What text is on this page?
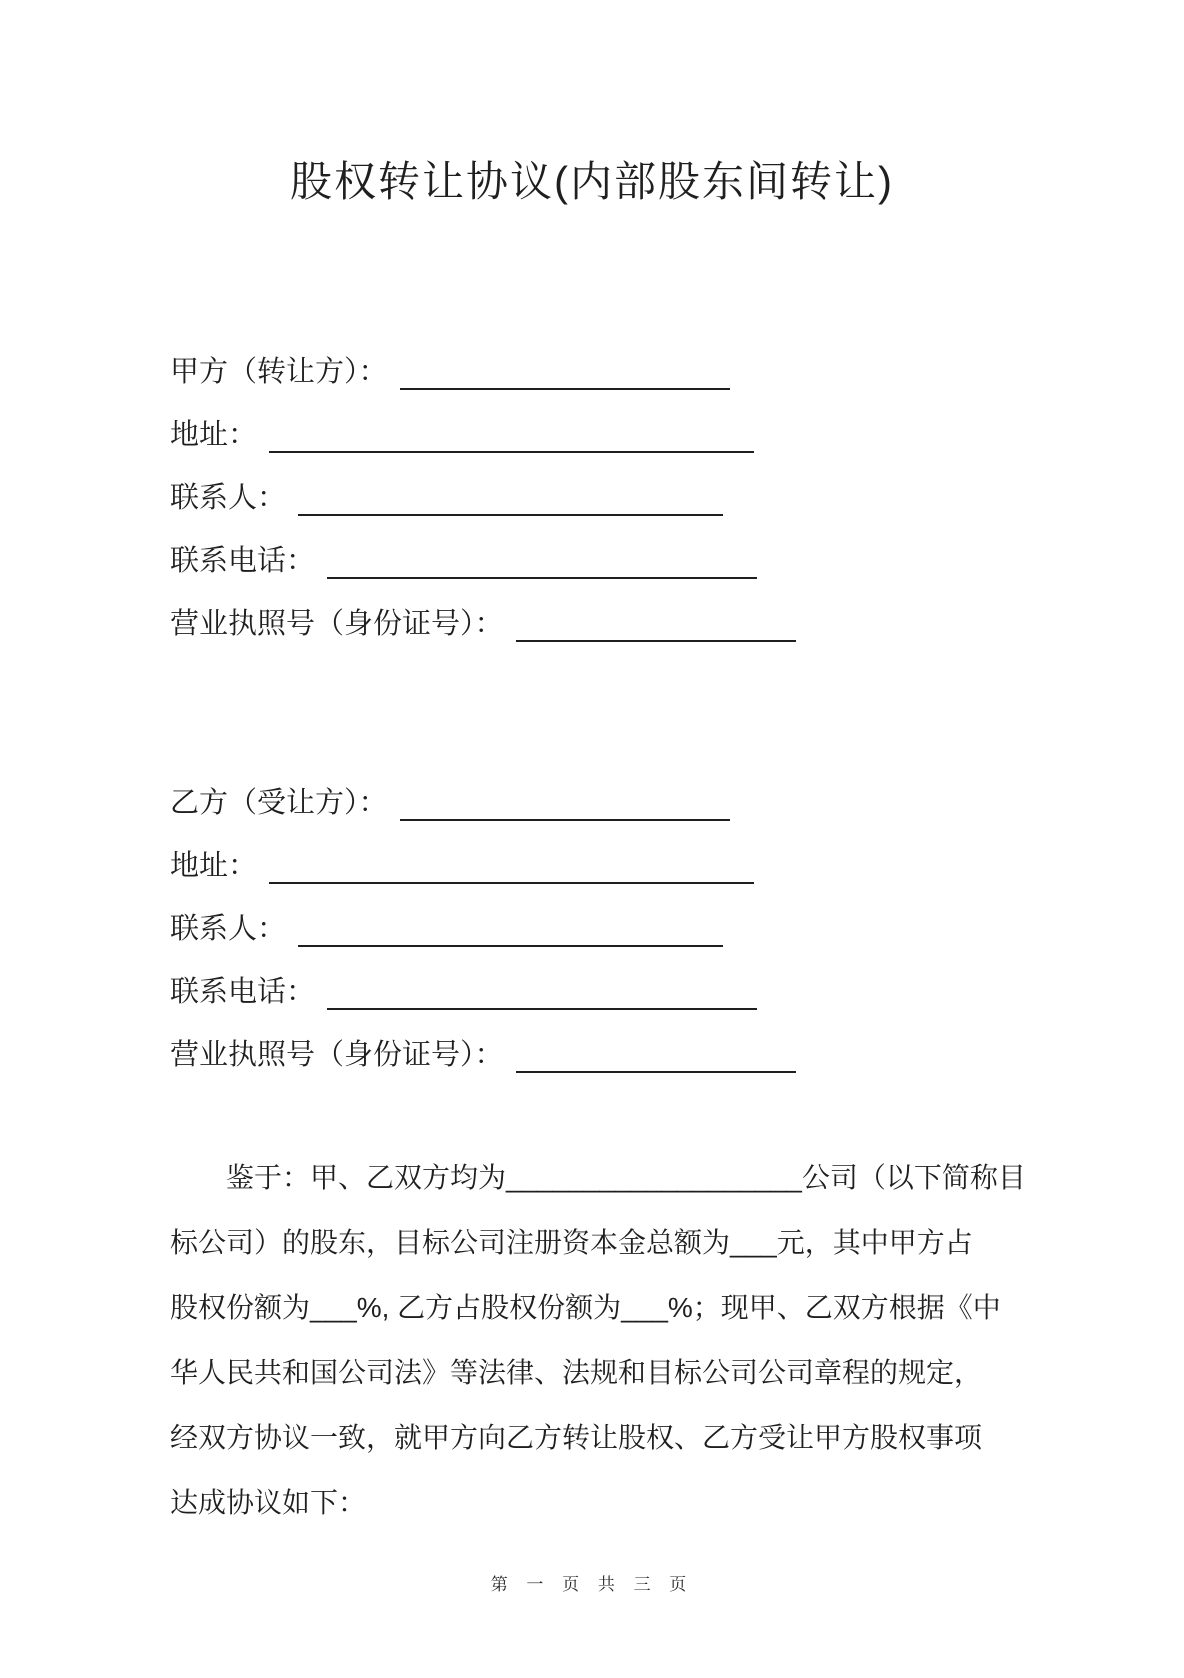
股权转让协议(内部股东间转让)
甲方（转让方）：
地址：
联系人：
联系电话：
营业执照号（身份证号）：
乙方（受让方）：
地址：
联系人：
联系电话：
营业执照号（身份证号）：
鉴于：甲、乙双方均为___________________公司（以下简称目
标公司）的股东，目标公司注册资本金总额为___元，其中甲方占
股权份额为___%, 乙方占股权份额为___%；现甲、乙双方根据《中
华人民共和国公司法》等法律、法规和目标公司公司章程的规定，
经双方协议一致，就甲方向乙方转让股权、乙方受让甲方股权事项
达成协议如下：
第 一 页 共 三 页
